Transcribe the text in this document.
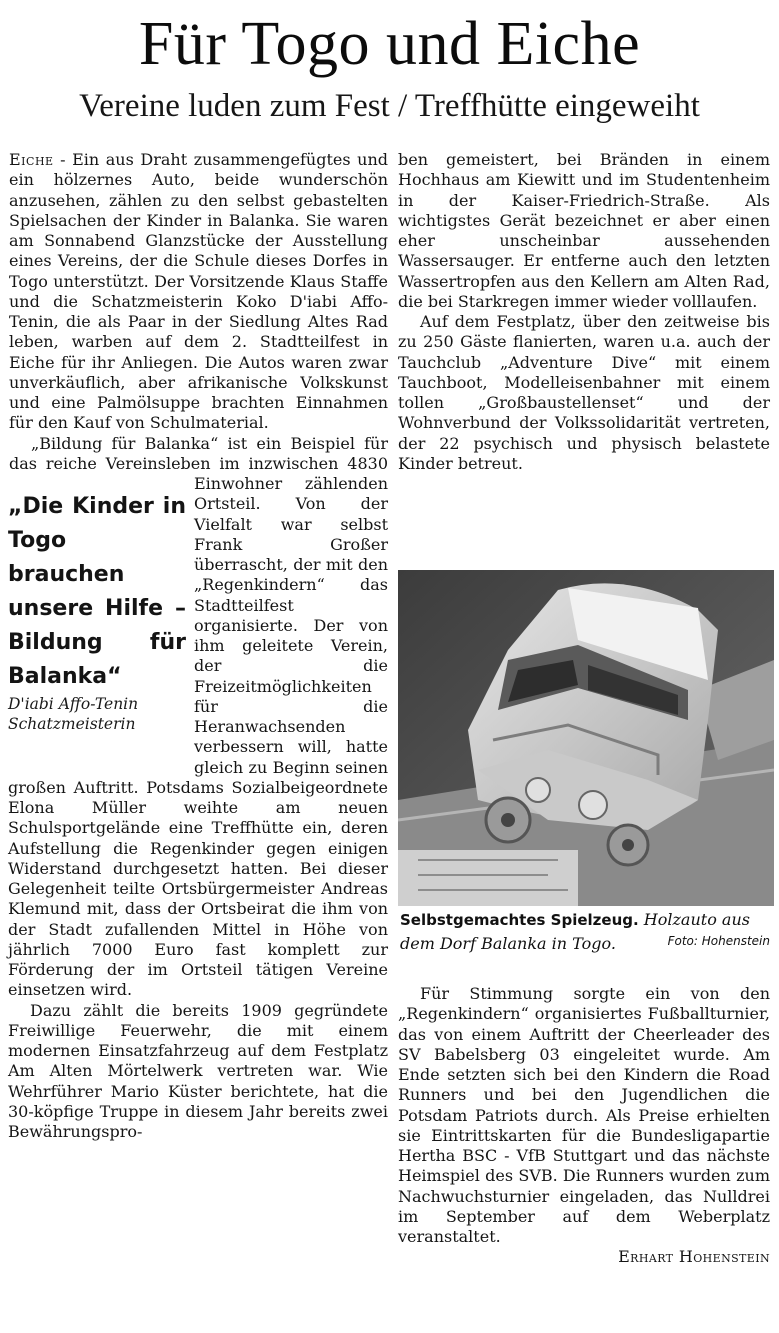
Für Togo und Eiche
Vereine luden zum Fest / Treffhütte eingeweiht

Eiche - Ein aus Draht zusammengefügtes und ein hölzernes Auto, beide wunderschön anzusehen, zählen zu den selbst gebastelten Spielsachen der Kinder in Balanka. Sie waren am Sonnabend Glanzstücke der Ausstellung eines Vereins, der die Schule dieses Dorfes in Togo unterstützt. Der Vorsitzende Klaus Staffe und die Schatzmeisterin Koko D'iabi Affo-Tenin, die als Paar in der Siedlung Altes Rad leben, warben auf dem 2. Stadtteilfest in Eiche für ihr Anliegen. Die Autos waren zwar unverkäuflich, aber afrikanische Volkskunst und eine Palmölsuppe brachten Einnahmen für den Kauf von Schulmaterial.

„Bildung für Balanka“ ist ein Beispiel für das reiche Vereinsleben im inzwischen 4830 Einwohner zählenden Ortsteil. Von der Vielfalt war selbst Frank Großer überrascht, der mit den „Regenkindern“ das Stadtteilfest organisierte. Der von ihm geleitete Verein, der die Freizeitmöglichkeiten für die Heranwachsenden verbessern will, hatte gleich zu Beginn seinen großen Auftritt. Potsdams Sozialbeigeordnete Elona Müller weihte am neuen Schulsportgelände eine Treffhütte ein, deren Aufstellung die Regenkinder gegen einigen Widerstand durchgesetzt hatten. Bei dieser Gelegenheit teilte Ortsbürgermeister Andreas Klemund mit, dass der Ortsbeirat die ihm von der Stadt zufallenden Mittel in Höhe von jährlich 7000 Euro fast komplett zur Förderung der im Ortsteil tätigen Vereine einsetzen wird.

Dazu zählt die bereits 1909 gegründete Freiwillige Feuerwehr, die mit einem modernen Einsatzfahrzeug auf dem Festplatz Am Alten Mörtelwerk vertreten war. Wie Wehrführer Mario Küster berichtete, hat die 30-köpfige Truppe in diesem Jahr bereits zwei Bewährungspro-

„Die Kinder in Togo brauchen unsere Hilfe – Bildung für Balanka“

D'iabi Affo-Tenin
Schatzmeisterin

ben gemeistert, bei Bränden in einem Hochhaus am Kiewitt und im Studentenheim in der Kaiser-Friedrich-Straße. Als wichtigstes Gerät bezeichnet er aber einen eher unscheinbar aussehenden Wassersauger. Er entferne auch den letzten Wassertropfen aus den Kellern am Alten Rad, die bei Starkregen immer wieder volllaufen.

Auf dem Festplatz, über den zeitweise bis zu 250 Gäste flanierten, waren u.a. auch der Tauchclub „Adventure Dive“ mit einem Tauchboot, Modelleisenbahner mit einem tollen „Großbaustellenset“ und der Wohnverbund der Volkssolidarität vertreten, der 22 psychisch und physisch belastete Kinder betreut.

Selbstgemachtes Spielzeug. Holzauto aus dem Dorf Balanka in Togo.	Foto: Hohenstein

Für Stimmung sorgte ein von den „Regenkindern“ organisiertes Fußballturnier, das von einem Auftritt der Cheerleader des SV Babelsberg 03 eingeleitet wurde. Am Ende setzten sich bei den Kindern die Road Runners und bei den Jugendlichen die Potsdam Patriots durch. Als Preise erhielten sie Eintrittskarten für die Bundesligapartie Hertha BSC - VfB Stuttgart und das nächste Heimspiel des SVB. Die Runners wurden zum Nachwuchsturnier eingeladen, das Nulldrei im September auf dem Weberplatz veranstaltet.

Erhart Hohenstein
